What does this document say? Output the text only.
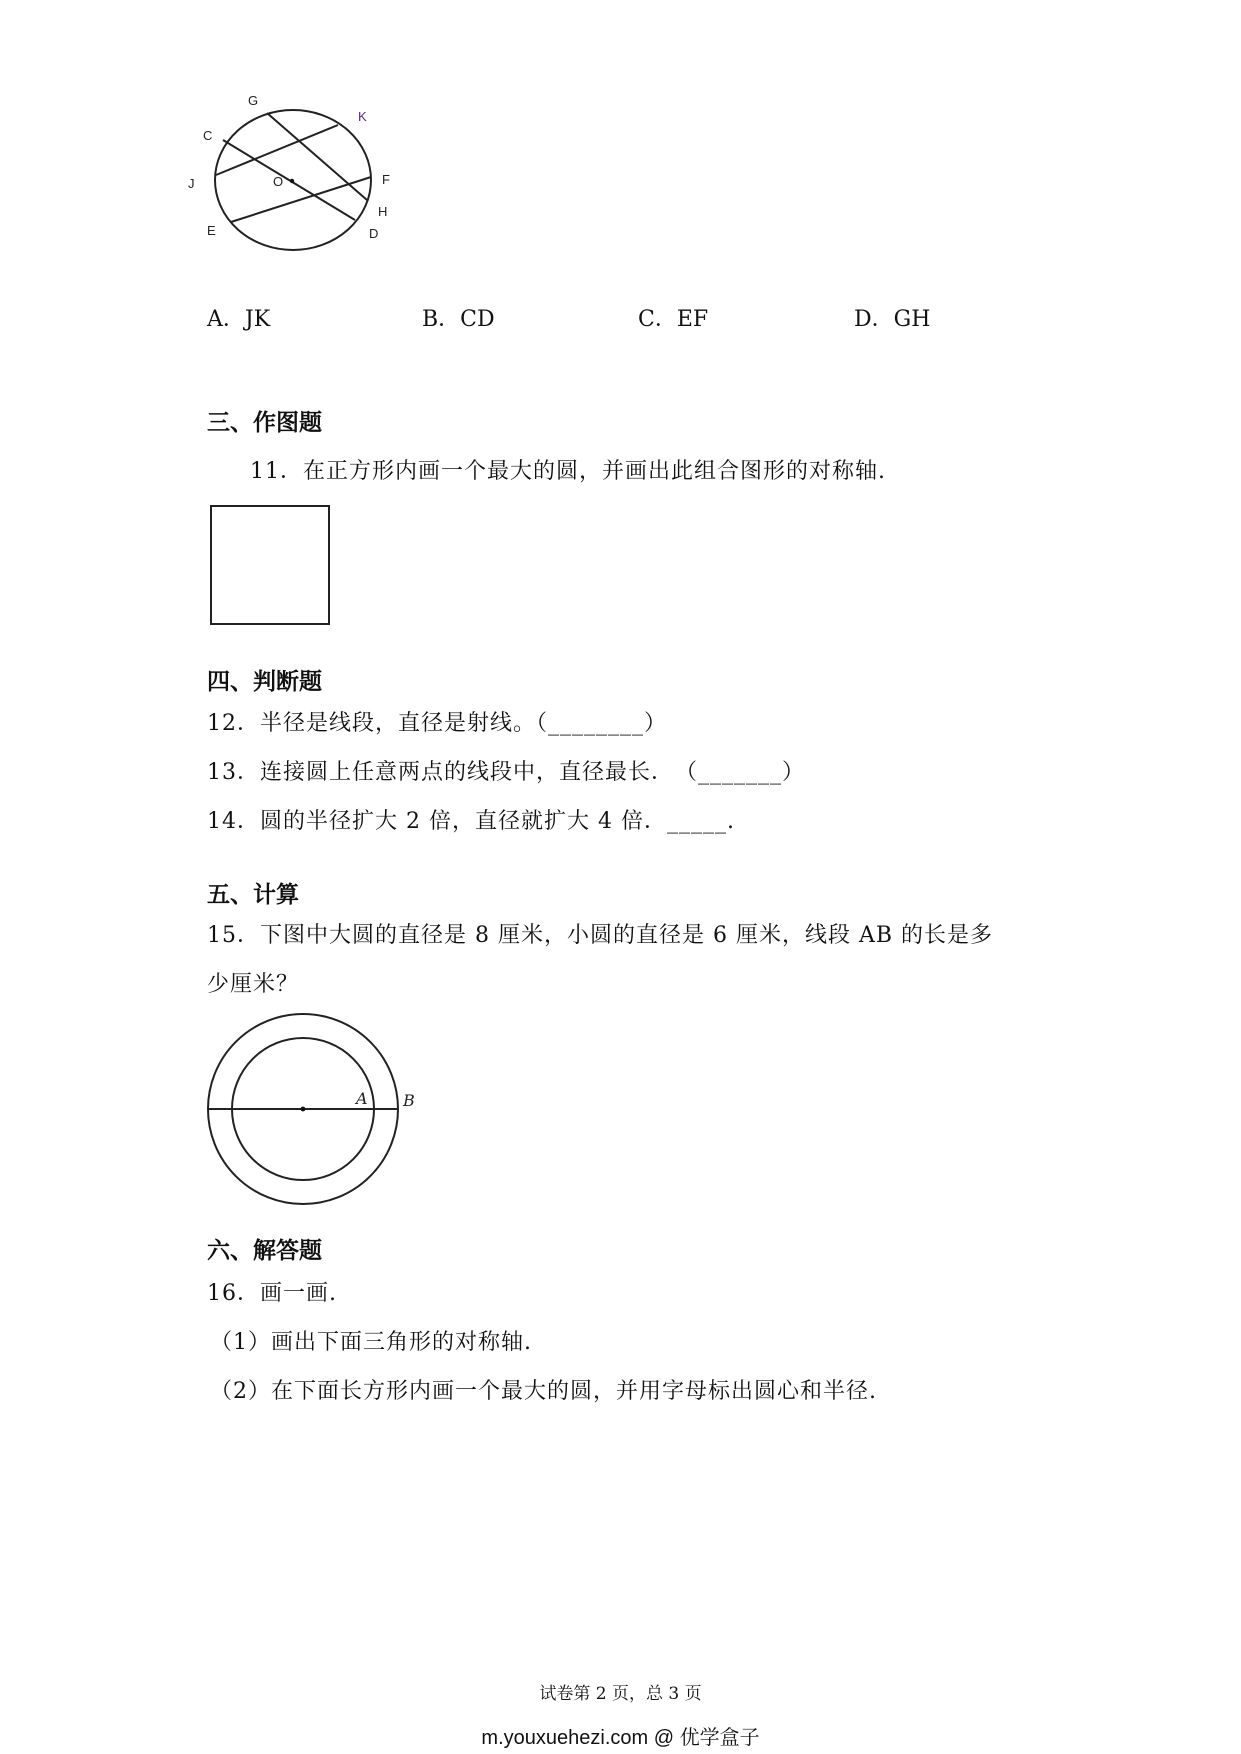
G
K
C
J	O	F
H
E	D
A．JK	B．CD	C．EF	D．GH
三、作图题
11．在正方形内画一个最大的圆，并画出此组合图形的对称轴.
四、判断题
12．半径是线段，直径是射线。（________）
13．连接圆上任意两点的线段中，直径最长．　（_______）
14．圆的半径扩大 2 倍，直径就扩大 4 倍．_____.
五、计算
15．下图中大圆的直径是 8 厘米，小圆的直径是 6 厘米，线段 AB 的长是多
少厘米？
A B
六、解答题
16．画一画.
（1）画出下面三角形的对称轴.
（2）在下面长方形内画一个最大的圆，并用字母标出圆心和半径.
试卷第 2 页，总 3 页
m.youxuehezi.com @ 优学盒子
